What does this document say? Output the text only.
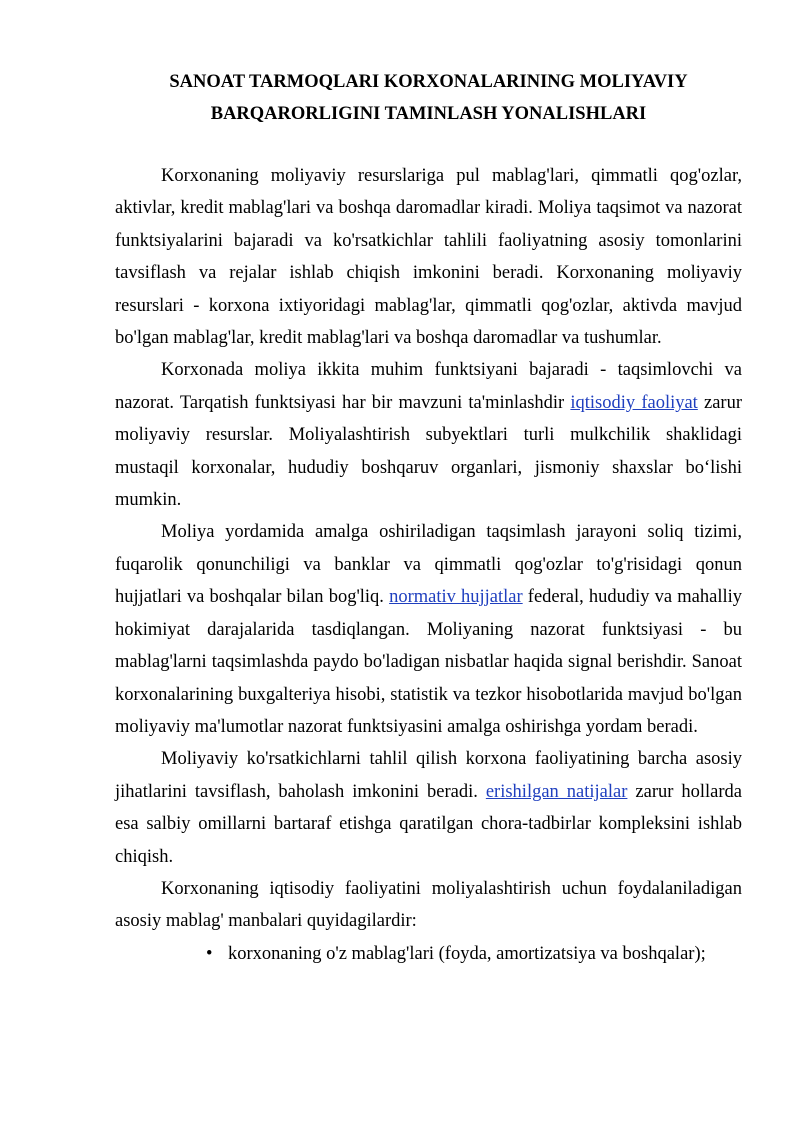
SANOAT TARMOQLARI KORXONALARINING MOLIYAVIY
BARQARORLIGINI TAMINLASH YONALISHLARI

Korxonaning moliyaviy resurslariga pul mablag'lari, qimmatli qog'ozlar, aktivlar, kredit mablag'lari va boshqa daromadlar kiradi. Moliya taqsimot va nazorat funktsiyalarini bajaradi va ko'rsatkichlar tahlili faoliyatning asosiy tomonlarini tavsiflash va rejalar ishlab chiqish imkonini beradi. Korxonaning moliyaviy resurslari - korxona ixtiyoridagi mablag'lar, qimmatli qog'ozlar, aktivda mavjud bo'lgan mablag'lar, kredit mablag'lari va boshqa daromadlar va tushumlar.

Korxonada moliya ikkita muhim funktsiyani bajaradi - taqsimlovchi va nazorat. Tarqatish funktsiyasi har bir mavzuni ta'minlashdir iqtisodiy faoliyat zarur moliyaviy resurslar. Moliyalashtirish subyektlari turli mulkchilik shaklidagi mustaqil korxonalar, hududiy boshqaruv organlari, jismoniy shaxslar bo‘lishi mumkin.

Moliya yordamida amalga oshiriladigan taqsimlash jarayoni soliq tizimi, fuqarolik qonunchiligi va banklar va qimmatli qog'ozlar to'g'risidagi qonun hujjatlari va boshqalar bilan bog'liq. normativ hujjatlar federal, hududiy va mahalliy hokimiyat darajalarida tasdiqlangan. Moliyaning nazorat funktsiyasi - bu mablag'larni taqsimlashda paydo bo'ladigan nisbatlar haqida signal berishdir. Sanoat korxonalarining buxgalteriya hisobi, statistik va tezkor hisobotlarida mavjud bo'lgan moliyaviy ma'lumotlar nazorat funktsiyasini amalga oshirishga yordam beradi.

Moliyaviy ko'rsatkichlarni tahlil qilish korxona faoliyatining barcha asosiy jihatlarini tavsiflash, baholash imkonini beradi. erishilgan natijalar zarur hollarda esa salbiy omillarni bartaraf etishga qaratilgan chora-tadbirlar kompleksini ishlab chiqish.

Korxonaning iqtisodiy faoliyatini moliyalashtirish uchun foydalaniladigan asosiy mablag' manbalari quyidagilardir:

• korxonaning o'z mablag'lari (foyda, amortizatsiya va boshqalar);
